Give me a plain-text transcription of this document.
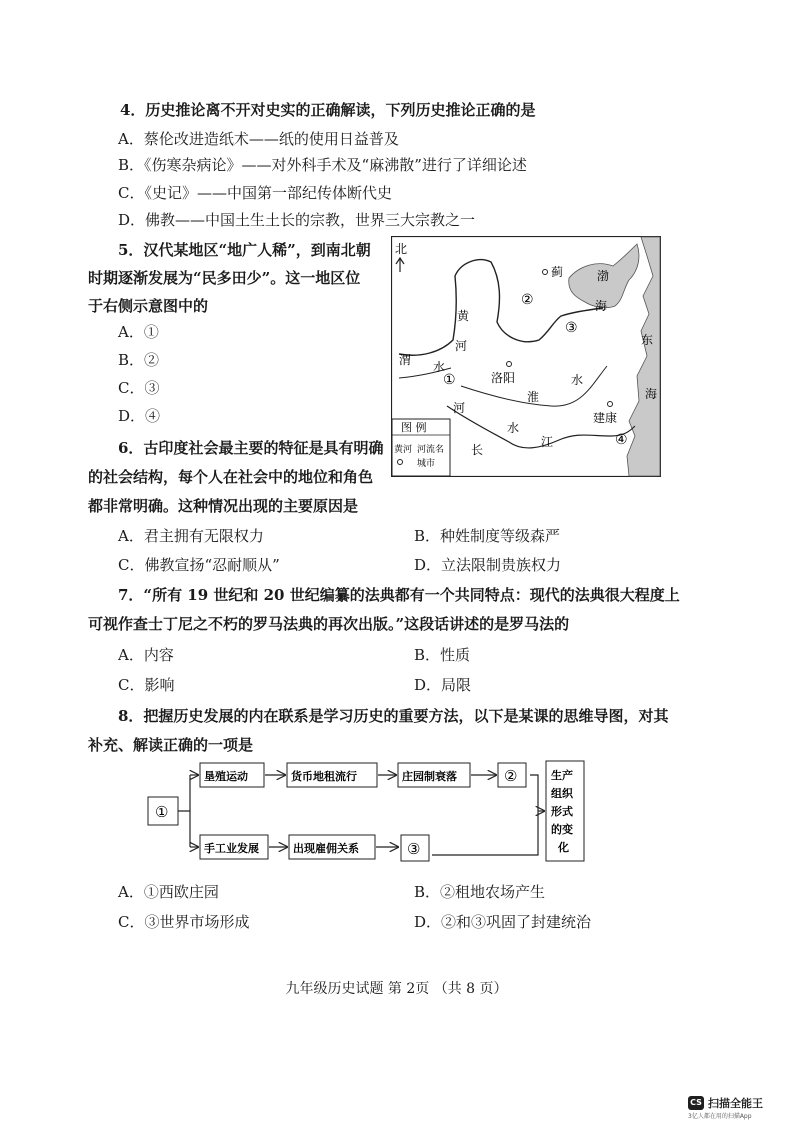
4．历史推论离不开对史实的正确解读，下列历史推论正确的是
A．蔡伦改进造纸术——纸的使用日益普及
B．《伤寒杂病论》——对外科手术及“麻沸散”进行了详细论述
C．《史记》——中国第一部纪传体断代史
D．佛教——中国土生土长的宗教，世界三大宗教之一
5．汉代某地区“地广人稀”，到南北朝
时期逐渐发展为“民多田少”。这一地区位
于右侧示意图中的
A．①
B．②
C．③
D．④
北
蓟
洛阳
建康
渤
海
黄
河
渭 水
淮
水
河
东
海
长
水
江
①
②
③
④
图 例
黄河 河流名
城市
6．古印度社会最主要的特征是具有明确
的社会结构，每个人在社会中的地位和角色
都非常明确。这种情况出现的主要原因是
A．君主拥有无限权力	B．种姓制度等级森严
C．佛教宣扬“忍耐顺从”	D．立法限制贵族权力
7．“所有 19 世纪和 20 世纪编纂的法典都有一个共同特点：现代的法典很大程度上
可视作查士丁尼之不朽的罗马法典的再次出版。”这段话讲述的是罗马法的
A．内容	B．性质
C．影响	D．局限
8．把握历史发展的内在联系是学习历史的重要方法，以下是某课的思维导图，对其
补充、解读正确的一项是
①
垦殖运动	货币地租流行	庄园制衰落	②
手工业发展	出现雇佣关系	③
生产
组织
形式
的变
化
A．①西欧庄园	B．②租地农场产生
C．③世界市场形成	D．②和③巩固了封建统治
九年级历史试题 第 2页 （共 8 页）
CS 扫描全能王
3亿人都在用的扫描App
